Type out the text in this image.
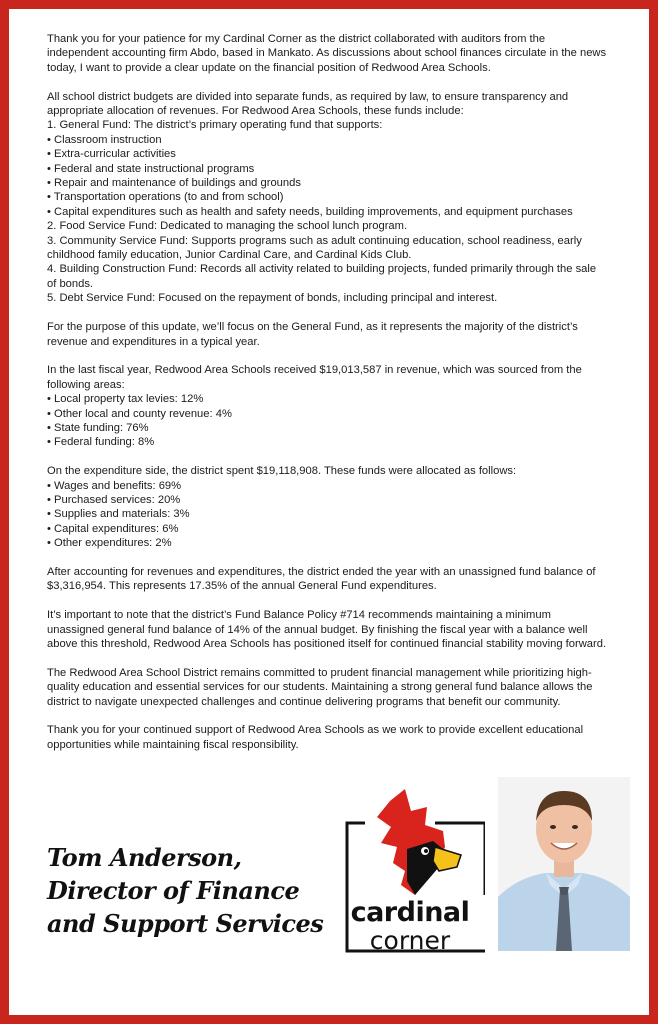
Thank you for your patience for my Cardinal Corner as the district collaborated with auditors from the independent accounting firm Abdo, based in Mankato. As discussions about school finances circulate in the news today, I want to provide a clear update on the financial position of Redwood Area Schools.

All school district budgets are divided into separate funds, as required by law, to ensure transparency and appropriate allocation of revenues. For Redwood Area Schools, these funds include:
1. General Fund: The district’s primary operating fund that supports:
• Classroom instruction
• Extra-curricular activities
• Federal and state instructional programs
• Repair and maintenance of buildings and grounds
• Transportation operations (to and from school)
• Capital expenditures such as health and safety needs, building improvements, and equipment purchases
2. Food Service Fund: Dedicated to managing the school lunch program.
3. Community Service Fund: Supports programs such as adult continuing education, school readiness, early childhood family education, Junior Cardinal Care, and Cardinal Kids Club.
4. Building Construction Fund: Records all activity related to building projects, funded primarily through the sale of bonds.
5. Debt Service Fund: Focused on the repayment of bonds, including principal and interest.

For the purpose of this update, we’ll focus on the General Fund, as it represents the majority of the district’s revenue and expenditures in a typical year.

In the last fiscal year, Redwood Area Schools received $19,013,587 in revenue, which was sourced from the following areas:
• Local property tax levies: 12%
• Other local and county revenue: 4%
• State funding: 76%
• Federal funding: 8%
On the expenditure side, the district spent $19,118,908. These funds were allocated as follows:
• Wages and benefits: 69%
• Purchased services: 20%
• Supplies and materials: 3%
• Capital expenditures: 6%
• Other expenditures: 2%

After accounting for revenues and expenditures, the district ended the year with an unassigned fund balance of $3,316,954. This represents 17.35% of the annual General Fund expenditures.

It’s important to note that the district’s Fund Balance Policy #714 recommends maintaining a minimum unassigned general fund balance of 14% of the annual budget. By finishing the fiscal year with a balance well above this threshold, Redwood Area Schools has positioned itself for continued financial stability moving forward.

The Redwood Area School District remains committed to prudent financial management while prioritizing high-quality education and essential services for our students. Maintaining a strong general fund balance allows the district to navigate unexpected challenges and continue delivering programs that benefit our community.

Thank you for your continued support of Redwood Area Schools as we work to provide excellent educational opportunities while maintaining fiscal responsibility.

Tom Anderson,
Director of Finance
and Support Services	cardinal
corner
